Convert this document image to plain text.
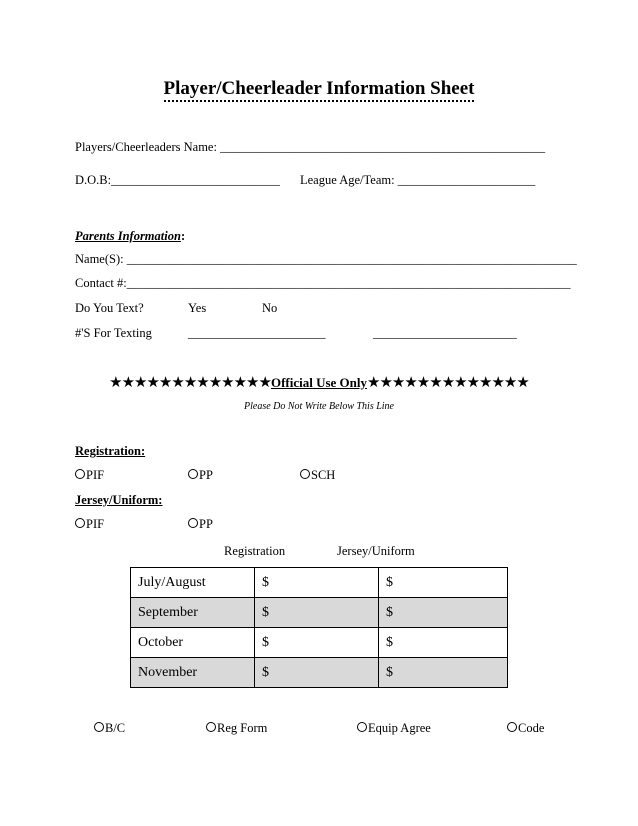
Player/Cheerleader Information Sheet
Players/Cheerleaders Name: ____________________________________________________
D.O.B:___________________________ League Age/Team: ______________________
Parents Information:
Name(S): ________________________________________________________________________
Contact #:_______________________________________________________________________
Do You Text?	Yes	No
#'S For Texting	______________________	_______________________
★★★★★★★★★★★★★Official Use Only★★★★★★★★★★★★★
Please Do Not Write Below This Line
Registration:
PIF	PP	SCH
Jersey/Uniform:
PIF	PP
Registration	Jersey/Uniform
July/August	$	$
September	$	$
October	$	$
November	$	$
B/C	Reg Form	Equip Agree	Code
